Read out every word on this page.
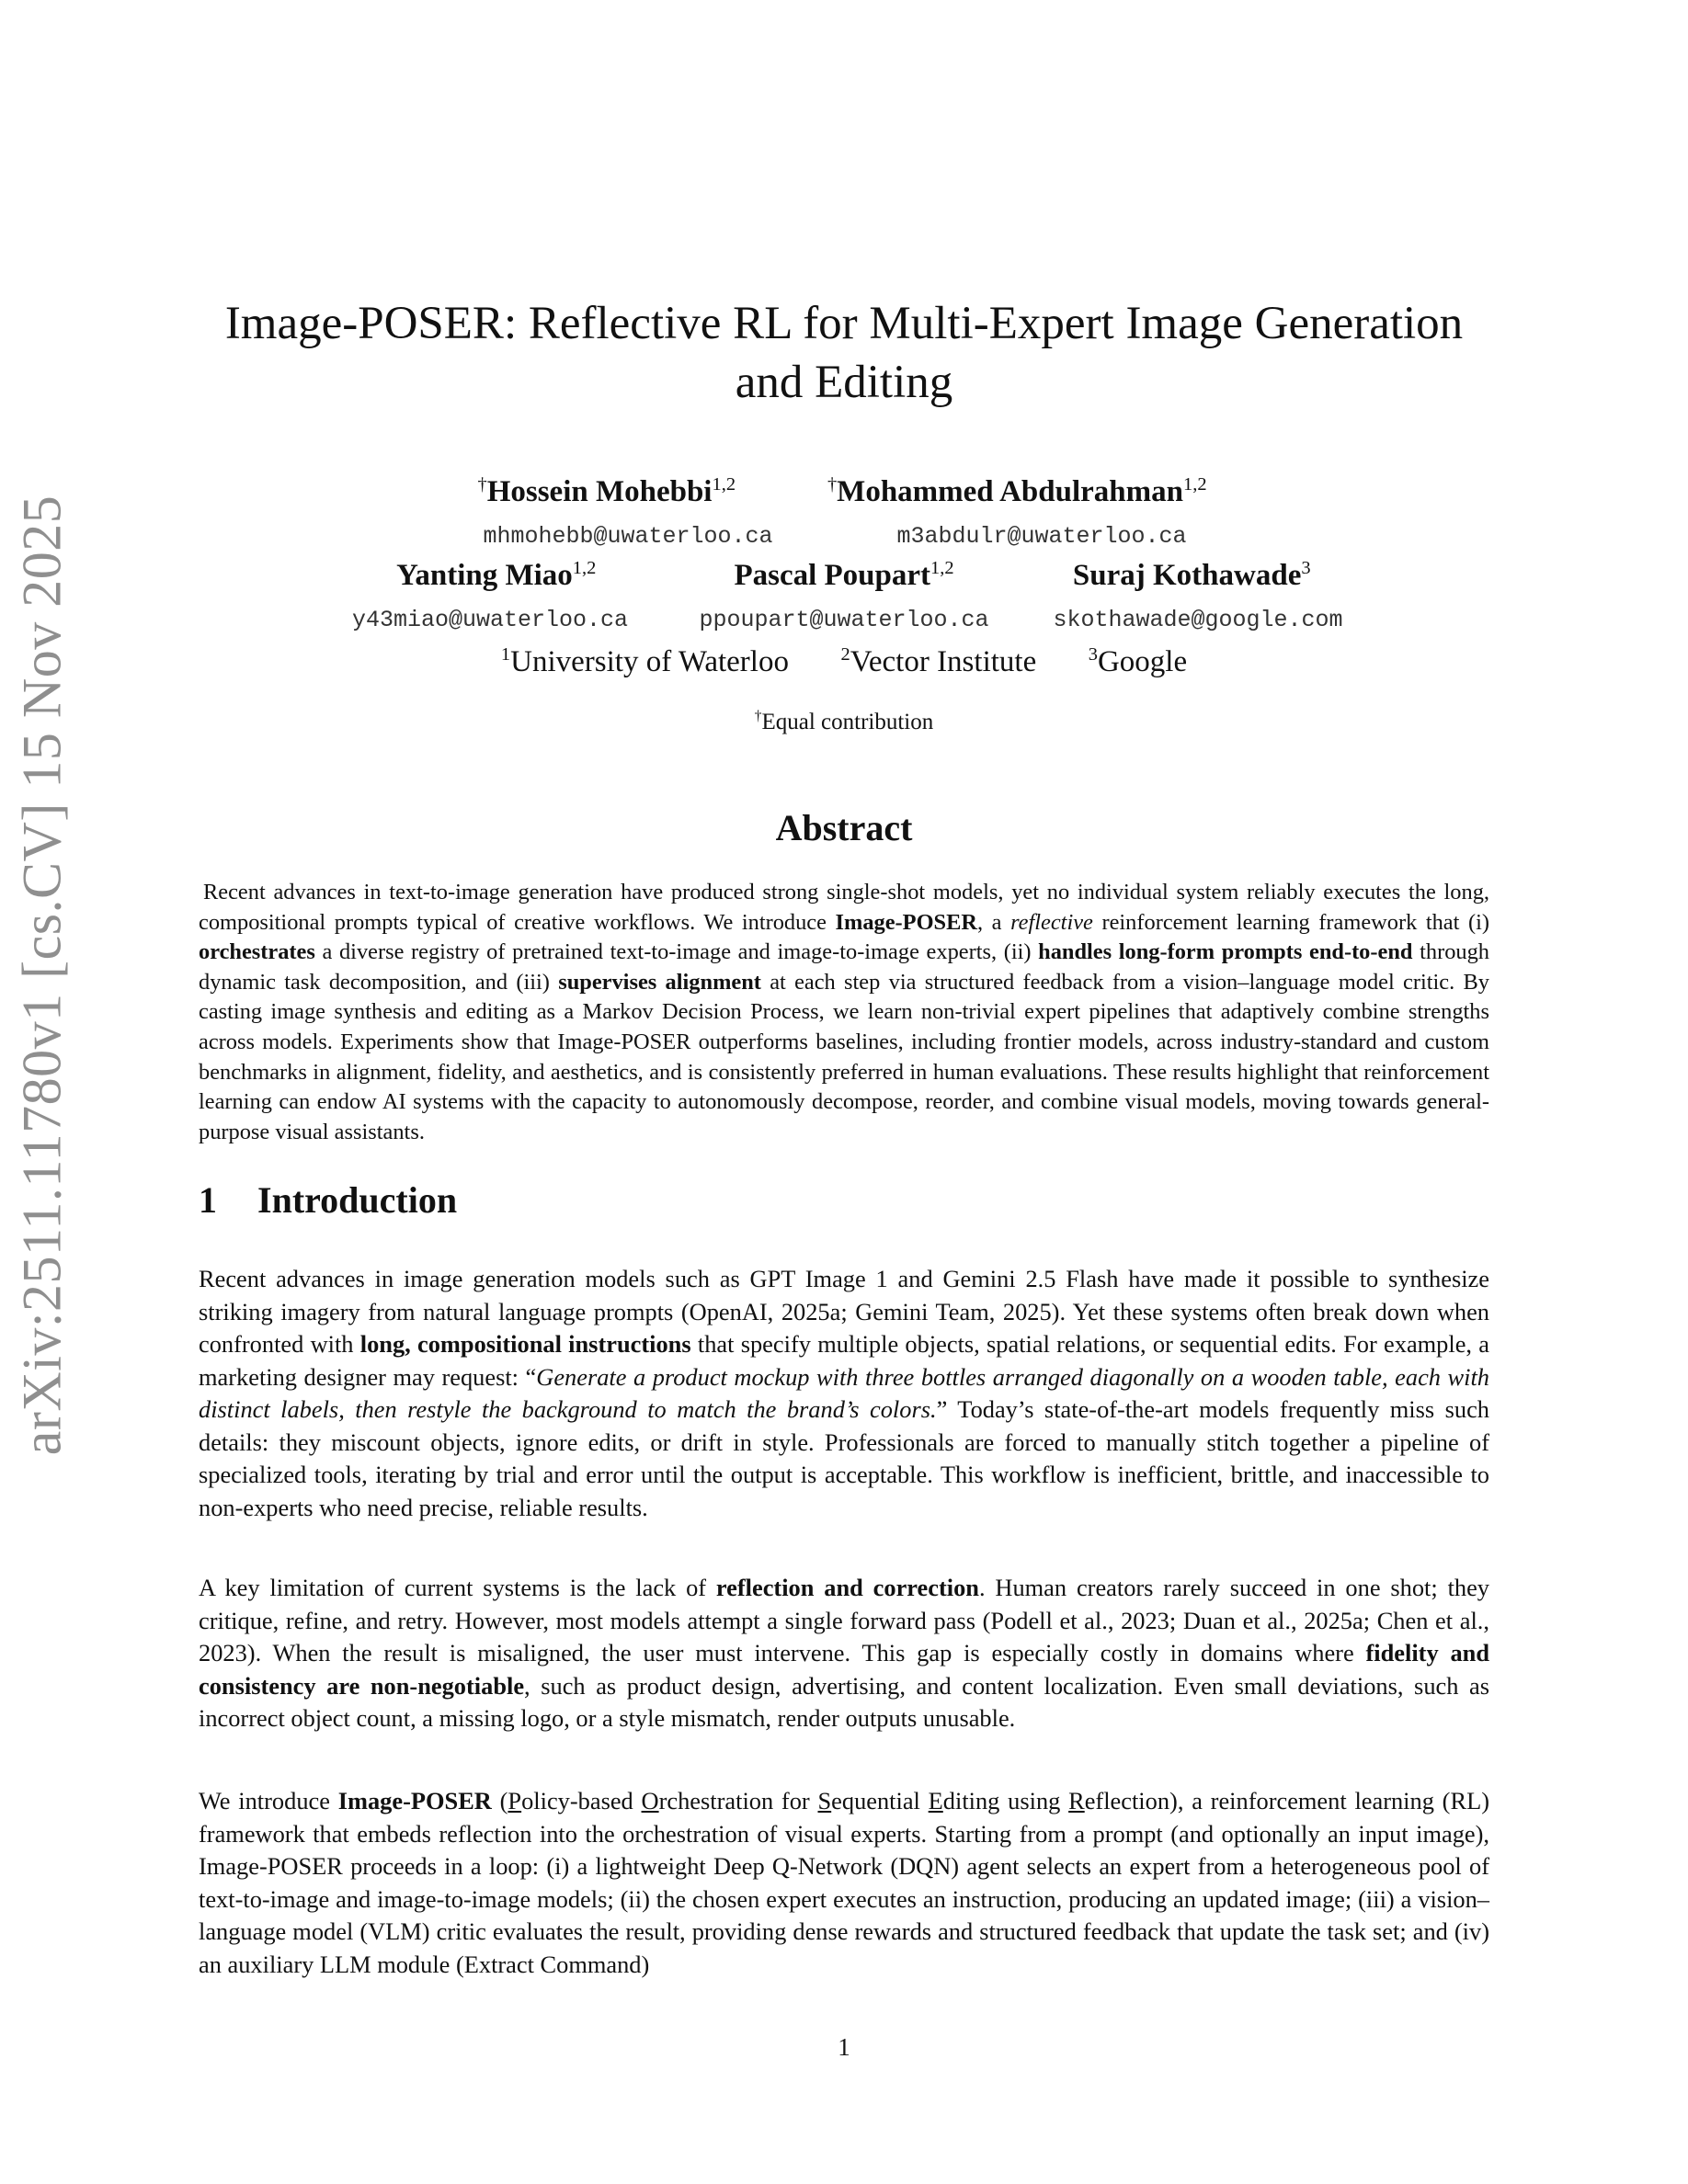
arXiv:2511.11780v1 [cs.CV] 15 Nov 2025
Image-POSER: Reflective RL for Multi-Expert Image Generation
and Editing
†Hossein Mohebbi$^{1,2}$	†Mohammed Abdulrahman$^{1,2}$
mhmohebb@uwaterloo.ca	m3abdulr@uwaterloo.ca
Yanting Miao$^{1,2}$	Pascal Poupart$^{1,2}$	Suraj Kothawade$^3$
y43miao@uwaterloo.ca	ppoupart@uwaterloo.ca	skothawade@google.com
$^1$University of Waterloo	$^2$Vector Institute	$^3$Google
†Equal contribution
Abstract

Recent advances in text-to-image generation have produced strong single-shot models, yet no individual system reliably executes the long, compositional prompts typical of creative workflows. We introduce Image-POSER, a reflective reinforcement learning framework that (i) orchestrates a diverse registry of pretrained text-to-image and image-to-image experts, (ii) handles long-form prompts end-to-end through dynamic task decomposition, and (iii) supervises alignment at each step via structured feedback from a vision–language model critic. By casting image synthesis and editing as a Markov Decision Process, we learn non-trivial expert pipelines that adaptively combine strengths across models. Experiments show that Image-POSER outperforms baselines, including frontier models, across industry-standard and custom benchmarks in alignment, fidelity, and aesthetics, and is consistently preferred in human evaluations. These results highlight that reinforcement learning can endow AI systems with the capacity to autonomously decompose, reorder, and combine visual models, moving towards general-purpose visual assistants.

1 Introduction

Recent advances in image generation models such as GPT Image 1 and Gemini 2.5 Flash have made it possible to synthesize striking imagery from natural language prompts (OpenAI, 2025a; Gemini Team, 2025). Yet these systems often break down when confronted with long, compositional instructions that specify multiple objects, spatial relations, or sequential edits. For example, a marketing designer may request: “Generate a product mockup with three bottles arranged diagonally on a wooden table, each with distinct labels, then restyle the background to match the brand’s colors.” Today’s state-of-the-art models frequently miss such details: they miscount objects, ignore edits, or drift in style. Professionals are forced to manually stitch together a pipeline of specialized tools, iterating by trial and error until the output is acceptable. This workflow is inefficient, brittle, and inaccessible to non-experts who need precise, reliable results.

A key limitation of current systems is the lack of reflection and correction. Human creators rarely succeed in one shot; they critique, refine, and retry. However, most models attempt a single forward pass (Podell et al., 2023; Duan et al., 2025a; Chen et al., 2023). When the result is misaligned, the user must intervene. This gap is especially costly in domains where fidelity and consistency are non-negotiable, such as product design, advertising, and content localization. Even small deviations, such as incorrect object count, a missing logo, or a style mismatch, render outputs unusable.

We introduce Image-POSER (Policy-based Orchestration for Sequential Editing using Reflection), a reinforcement learning (RL) framework that embeds reflection into the orchestration of visual experts. Starting from a prompt (and optionally an input image), Image-POSER proceeds in a loop: (i) a lightweight Deep Q-Network (DQN) agent selects an expert from a heterogeneous pool of text-to-image and image-to-image models; (ii) the chosen expert executes an instruction, producing an updated image; (iii) a vision–language model (VLM) critic evaluates the result, providing dense rewards and structured feedback that update the task set; and (iv) an auxiliary LLM module (Extract Command)

1
